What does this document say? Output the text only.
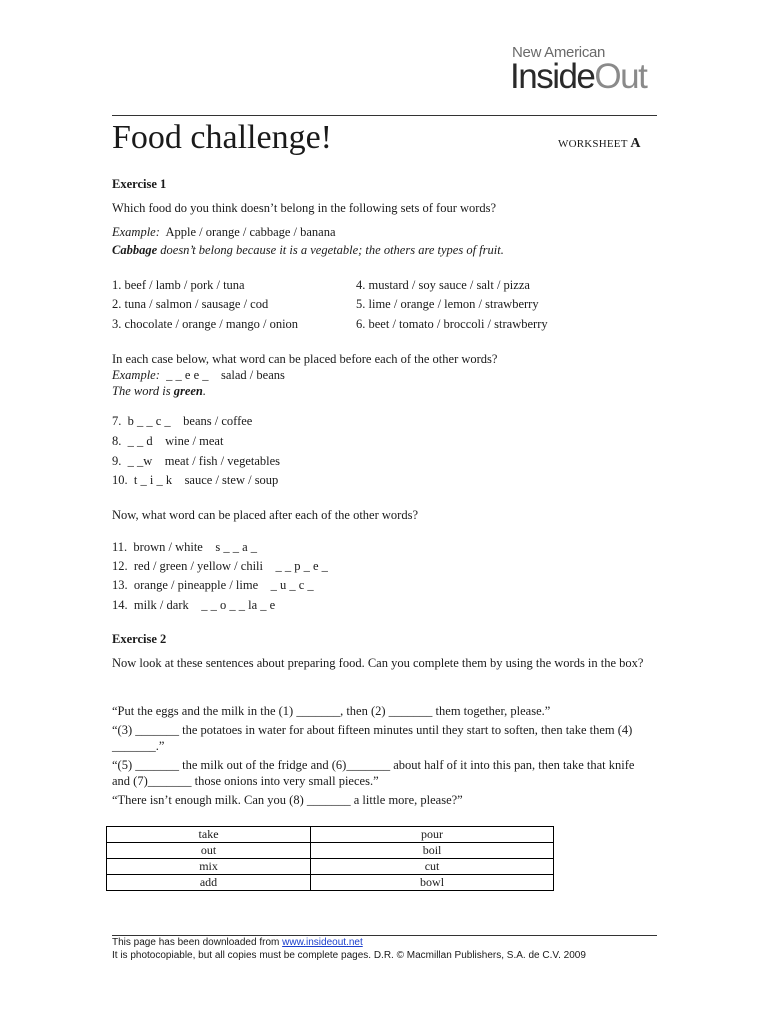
New American
InsideOut
Food challenge!	WORKSHEET A
Exercise 1
Which food do you think doesn’t belong in the following sets of four words?
Example: Apple / orange / cabbage / banana
Cabbage doesn’t belong because it is a vegetable; the others are types of fruit.
1. beef / lamb / pork / tuna
2. tuna / salmon / sausage / cod
3. chocolate / orange / mango / onion
4. mustard / soy sauce / salt / pizza
5. lime / orange / lemon / strawberry
6. beet / tomato / broccoli / strawberry
In each case below, what word can be placed before each of the other words?
Example: _ _ e e _    salad / beans
The word is green.
7.  b _ _ c _    beans / coffee
8.  _ _ d    wine / meat
9.  _ _w    meat / fish / vegetables
10.  t _ i _ k    sauce / stew / soup
Now, what word can be placed after each of the other words?
11.  brown / white    s _ _ a _
12.  red / green / yellow / chili    _ _ p _ e _
13.  orange / pineapple / lime    _ u _ c _
14.  milk / dark    _ _ o _ _ la _ e
Exercise 2
Now look at these sentences about preparing food. Can you complete them by using the words in the box?
“Put the eggs and the milk in the (1) _______, then (2) _______ them together, please.”
“(3) _______ the potatoes in water for about fifteen minutes until they start to soften, then take them (4) _______.”
“(5) _______ the milk out of the fridge and (6)_______ about half of it into this pan, then take that knife and (7)_______ those onions into very small pieces.”
“There isn’t enough milk. Can you (8) _______ a little more, please?”
take	pour
out	boil
mix	cut
add	bowl
This page has been downloaded from www.insideout.net
It is photocopiable, but all copies must be complete pages. D.R. © Macmillan Publishers, S.A. de C.V. 2009
